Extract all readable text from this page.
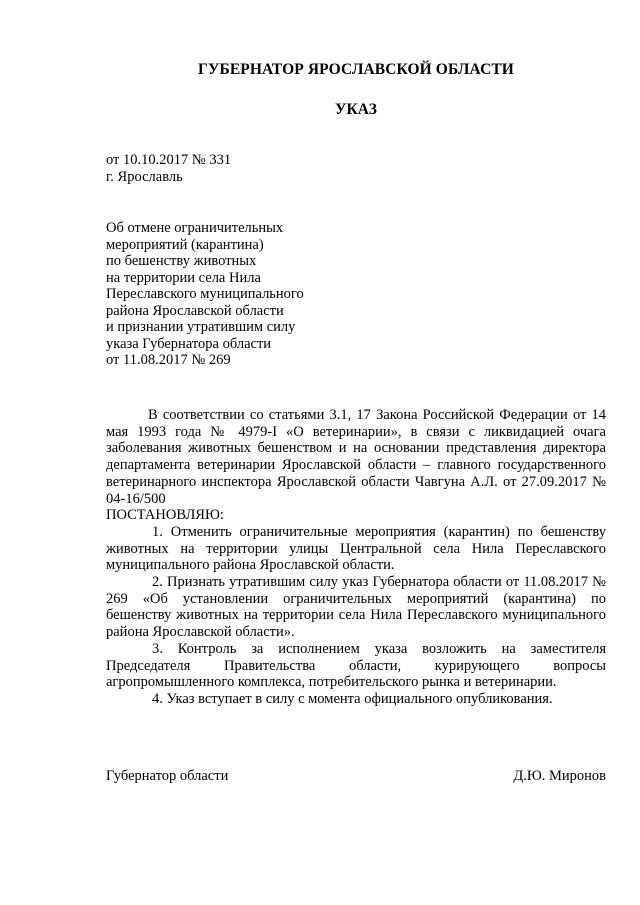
ГУБЕРНАТОР ЯРОСЛАВСКОЙ ОБЛАСТИ
УКАЗ
от 10.10.2017 № 331
г. Ярославль
Об отмене ограничительных
мероприятий (карантина)
по бешенству животных
на территории села Нила
Переславского муниципального
района Ярославской области
и признании утратившим силу
указа Губернатора области
от 11.08.2017 № 269

В соответствии со статьями 3.1, 17 Закона Российской Федерации от 14 мая 1993 года № 4979-I «О ветеринарии», в связи с ликвидацией очага заболевания животных бешенством и на основании представления директора департамента ветеринарии Ярославской области – главного государственного ветеринарного инспектора Ярославской области Чавгуна А.Л. от 27.09.2017 № 04-16/500

ПОСТАНОВЛЯЮ:

1. Отменить ограничительные мероприятия (карантин) по бешенству животных на территории улицы Центральной села Нила Переславского муниципального района Ярославской области.

2. Признать утратившим силу указ Губернатора области от 11.08.2017 № 269 «Об установлении ограничительных мероприятий (карантина) по бешенству животных на территории села Нила Переславского муниципального района Ярославской области».

3. Контроль за исполнением указа возложить на заместителя Председателя Правительства области, курирующего вопросы агропромышленного комплекса, потребительского рынка и ветеринарии.

4. Указ вступает в силу с момента официального опубликования.

Губернатор области	Д.Ю. Миронов
